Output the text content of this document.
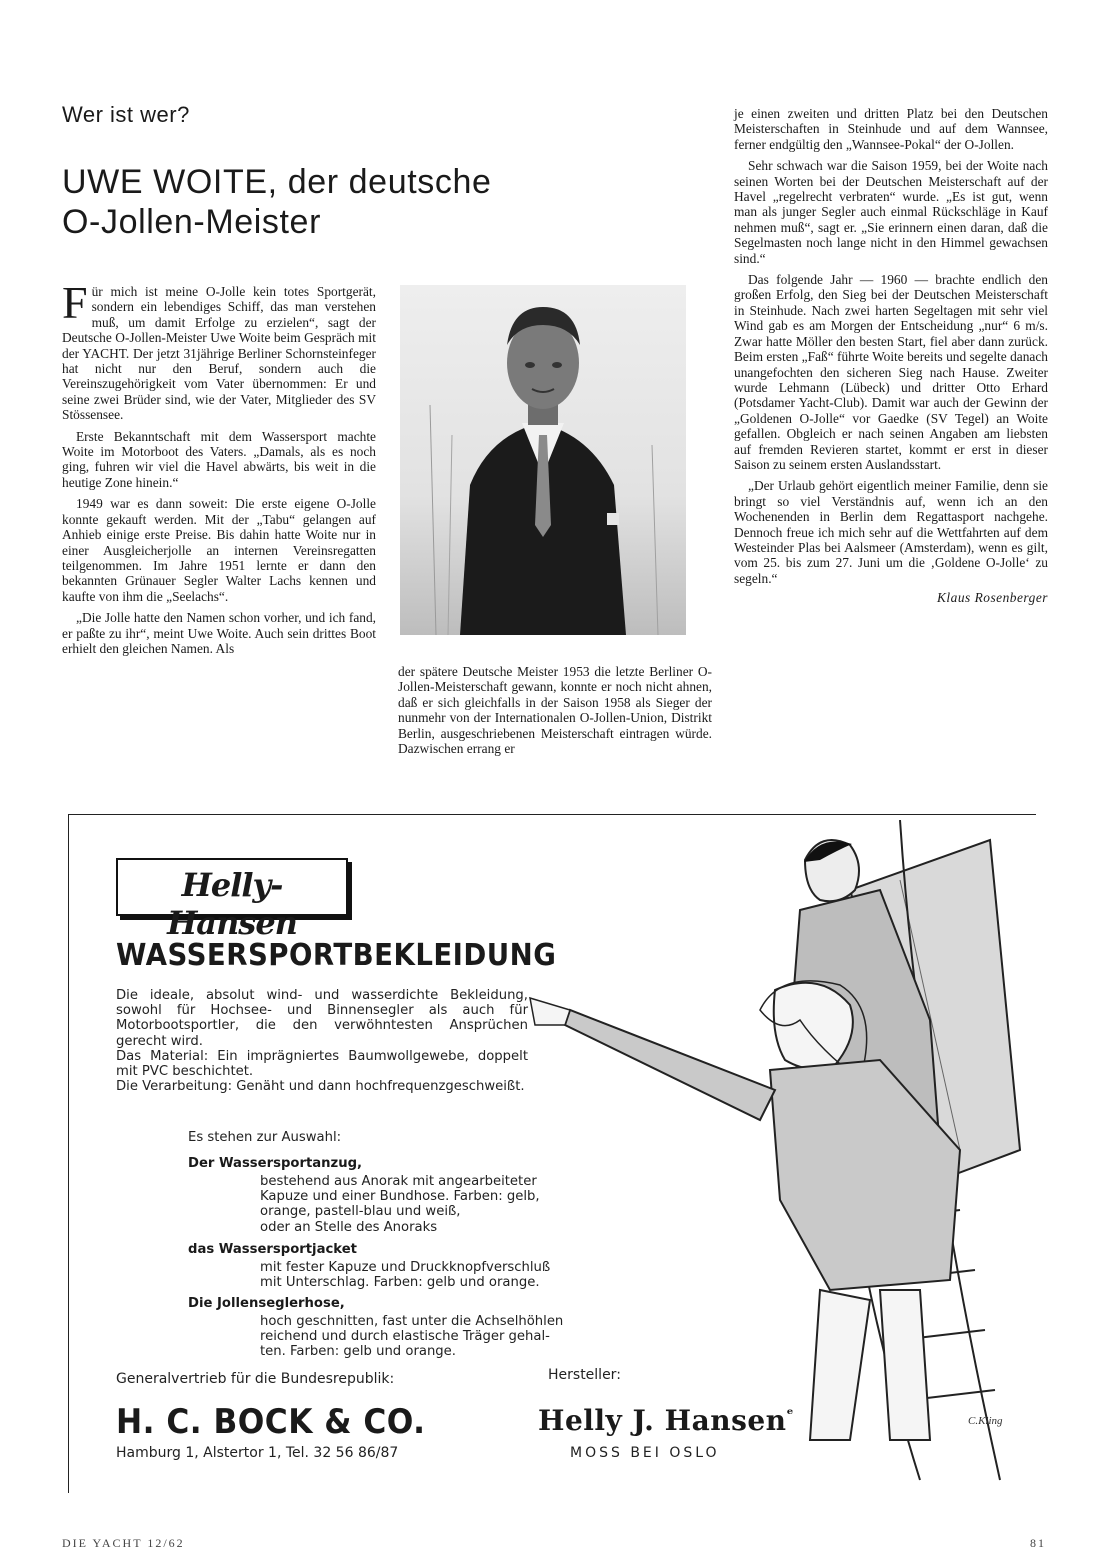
Wer ist wer?
UWE WOITE, der deutsche
O-Jollen-Meister

Für mich ist meine O-Jolle kein totes Sportgerät, sondern ein lebendiges Schiff, das man verstehen muß, um damit Erfolge zu erzielen“, sagt der Deutsche O-Jollen-Meister Uwe Woite beim Gespräch mit der YACHT. Der jetzt 31jährige Berliner Schornsteinfeger hat nicht nur den Beruf, sondern auch die Vereinszugehörigkeit vom Vater übernommen: Er und seine zwei Brüder sind, wie der Vater, Mitglieder des SV Stössensee.

Erste Bekanntschaft mit dem Wassersport machte Woite im Motorboot des Vaters. „Damals, als es noch ging, fuhren wir viel die Havel abwärts, bis weit in die heutige Zone hinein.“

1949 war es dann soweit: Die erste eigene O-Jolle konnte gekauft werden. Mit der „Tabu“ gelangen auf Anhieb einige erste Preise. Bis dahin hatte Woite nur in einer Ausgleicherjolle an internen Vereinsregatten teilgenommen. Im Jahre 1951 lernte er dann den bekannten Grünauer Segler Walter Lachs kennen und kaufte von ihm die „Seelachs“.

„Die Jolle hatte den Namen schon vorher, und ich fand, er paßte zu ihr“, meint Uwe Woite. Auch sein drittes Boot erhielt den gleichen Namen. Als

der spätere Deutsche Meister 1953 die letzte Berliner O-Jollen-Meisterschaft gewann, konnte er noch nicht ahnen, daß er sich gleichfalls in der Saison 1958 als Sieger der nunmehr von der Internationalen O-Jollen-Union, Distrikt Berlin, ausgeschriebenen Meisterschaft eintragen würde. Dazwischen errang er

je einen zweiten und dritten Platz bei den Deutschen Meisterschaften in Steinhude und auf dem Wannsee, ferner endgültig den „Wannsee-Pokal“ der O-Jollen.

Sehr schwach war die Saison 1959, bei der Woite nach seinen Worten bei der Deutschen Meisterschaft auf der Havel „regelrecht verbraten“ wurde. „Es ist gut, wenn man als junger Segler auch einmal Rückschläge in Kauf nehmen muß“, sagt er. „Sie erinnern einen daran, daß die Segelmasten noch lange nicht in den Himmel gewachsen sind.“

Das folgende Jahr — 1960 — brachte endlich den großen Erfolg, den Sieg bei der Deutschen Meisterschaft in Steinhude. Nach zwei harten Segeltagen mit sehr viel Wind gab es am Morgen der Entscheidung „nur“ 6 m/s. Zwar hatte Möller den besten Start, fiel aber dann zurück. Beim ersten „Faß“ führte Woite bereits und segelte danach unangefochten den sicheren Sieg nach Hause. Zweiter wurde Lehmann (Lübeck) und dritter Otto Erhard (Potsdamer Yacht-Club). Damit war auch der Gewinn der „Goldenen O-Jolle“ vor Gaedke (SV Tegel) an Woite gefallen. Obgleich er nach seinen Angaben am liebsten auf fremden Revieren startet, kommt er erst in dieser Saison zu seinem ersten Auslandsstart.

„Der Urlaub gehört eigentlich meiner Familie, denn sie bringt so viel Verständnis auf, wenn ich an den Wochenenden in Berlin dem Regattasport nachgehe. Dennoch freue ich mich sehr auf die Wettfahrten auf dem Westeinder Plas bei Aalsmeer (Amsterdam), wenn es gilt, vom 25. bis zum 27. Juni um die ‚Goldene O-Jolle‘ zu segeln.“

Klaus Rosenberger
Helly-Hansen
WASSERSPORTBEKLEIDUNG

Die ideale, absolut wind- und wasserdichte Bekleidung, sowohl für Hochsee- und Binnensegler als auch für Motorbootsportler, die den verwöhntesten Ansprüchen gerecht wird.

Das Material: Ein imprägniertes Baumwollgewebe, doppelt mit PVC beschichtet.

Die Verarbeitung: Genäht und dann hochfrequenzgeschweißt.

Es stehen zur Auswahl:
Der Wassersportanzug,
bestehend aus Anorak mit angearbeiteter
Kapuze und einer Bundhose. Farben: gelb,
orange, pastell-blau und weiß,
oder an Stelle des Anoraks
das Wassersportjacket
mit fester Kapuze und Druckknopfverschluß
mit Unterschlag. Farben: gelb und orange.
Die Jollenseglerhose,
hoch geschnitten, fast unter die Achselhöhlen
reichend und durch elastische Träger gehal-
ten. Farben: gelb und orange.
Generalvertrieb für die Bundesrepublik:
H. C. BOCK & CO.
Hamburg 1, Alstertor 1, Tel. 32 56 86/87
Hersteller:
Helly J. Hansen$^ᵉ$
MOSS BEI OSLO
C.Kling
DIE YACHT 12/62	81
